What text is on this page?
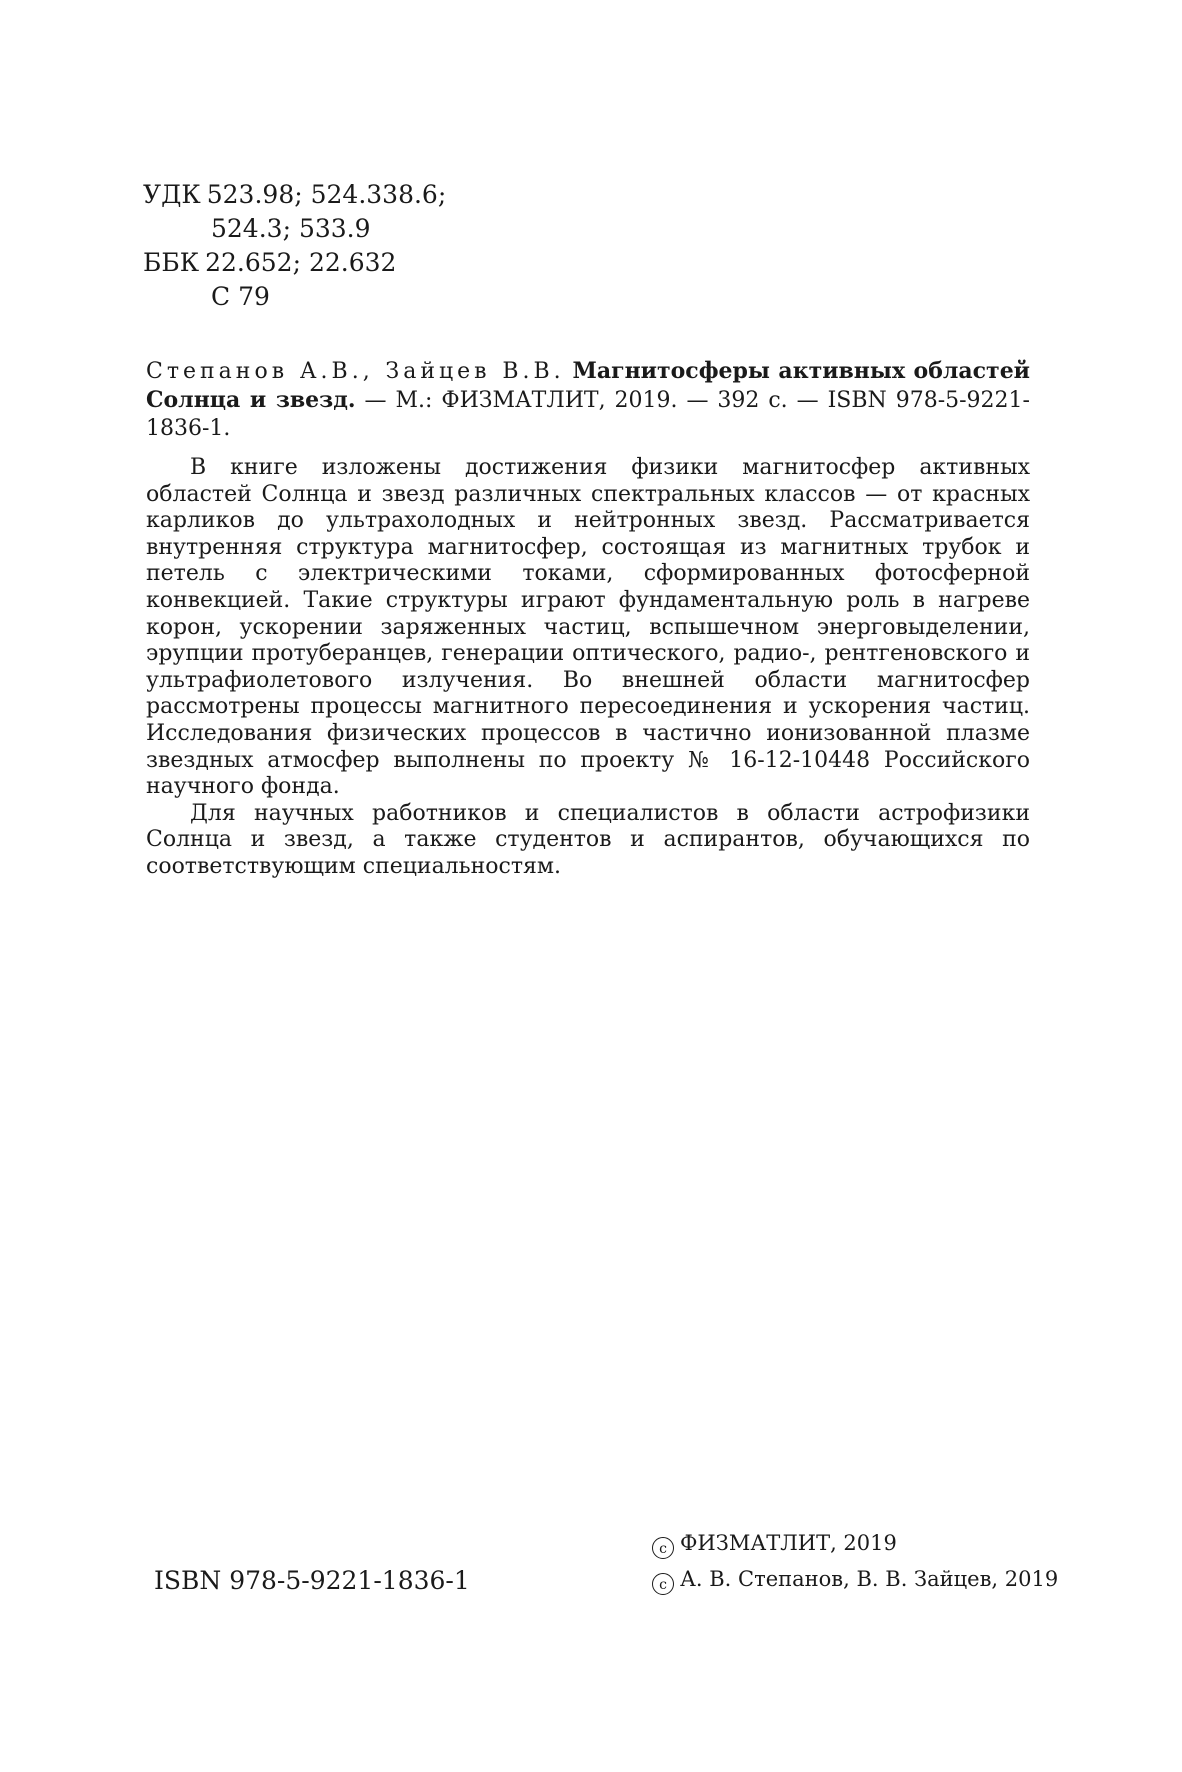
УДК 523.98; 524.338.6;
524.3; 533.9
ББК 22.652; 22.632
С 79
Степанов А.В., Зайцев В.В. Магнитосферы активных областей Солнца и звезд. — М.: ФИЗМАТЛИТ, 2019. — 392 с. — ISBN 978-5-9221-1836-1.

В книге изложены достижения физики магнитосфер активных областей Солнца и звезд различных спектральных классов — от красных карликов до ультрахолодных и нейтронных звезд. Рассматривается внутренняя структура магнитосфер, состоящая из магнитных трубок и петель с электрическими токами, сформированных фотосферной конвекцией. Такие структуры играют фундаментальную роль в нагреве корон, ускорении заряженных частиц, вспышечном энерговыделении, эрупции протуберанцев, генерации оптического, радио-, рентгеновского и ультрафиолетового излучения. Во внешней области магнитосфер рассмотрены процессы магнитного пересоединения и ускорения частиц. Исследования физических процессов в частично ионизованной плазме звездных атмосфер выполнены по проекту № 16-12-10448 Российского научного фонда.

Для научных работников и специалистов в области астрофизики Солнца и звезд, а также студентов и аспирантов, обучающихся по соответствующим специальностям.

ISBN 978-5-9221-1836-1
c ФИЗМАТЛИТ, 2019
c А. В. Степанов, В. В. Зайцев, 2019
